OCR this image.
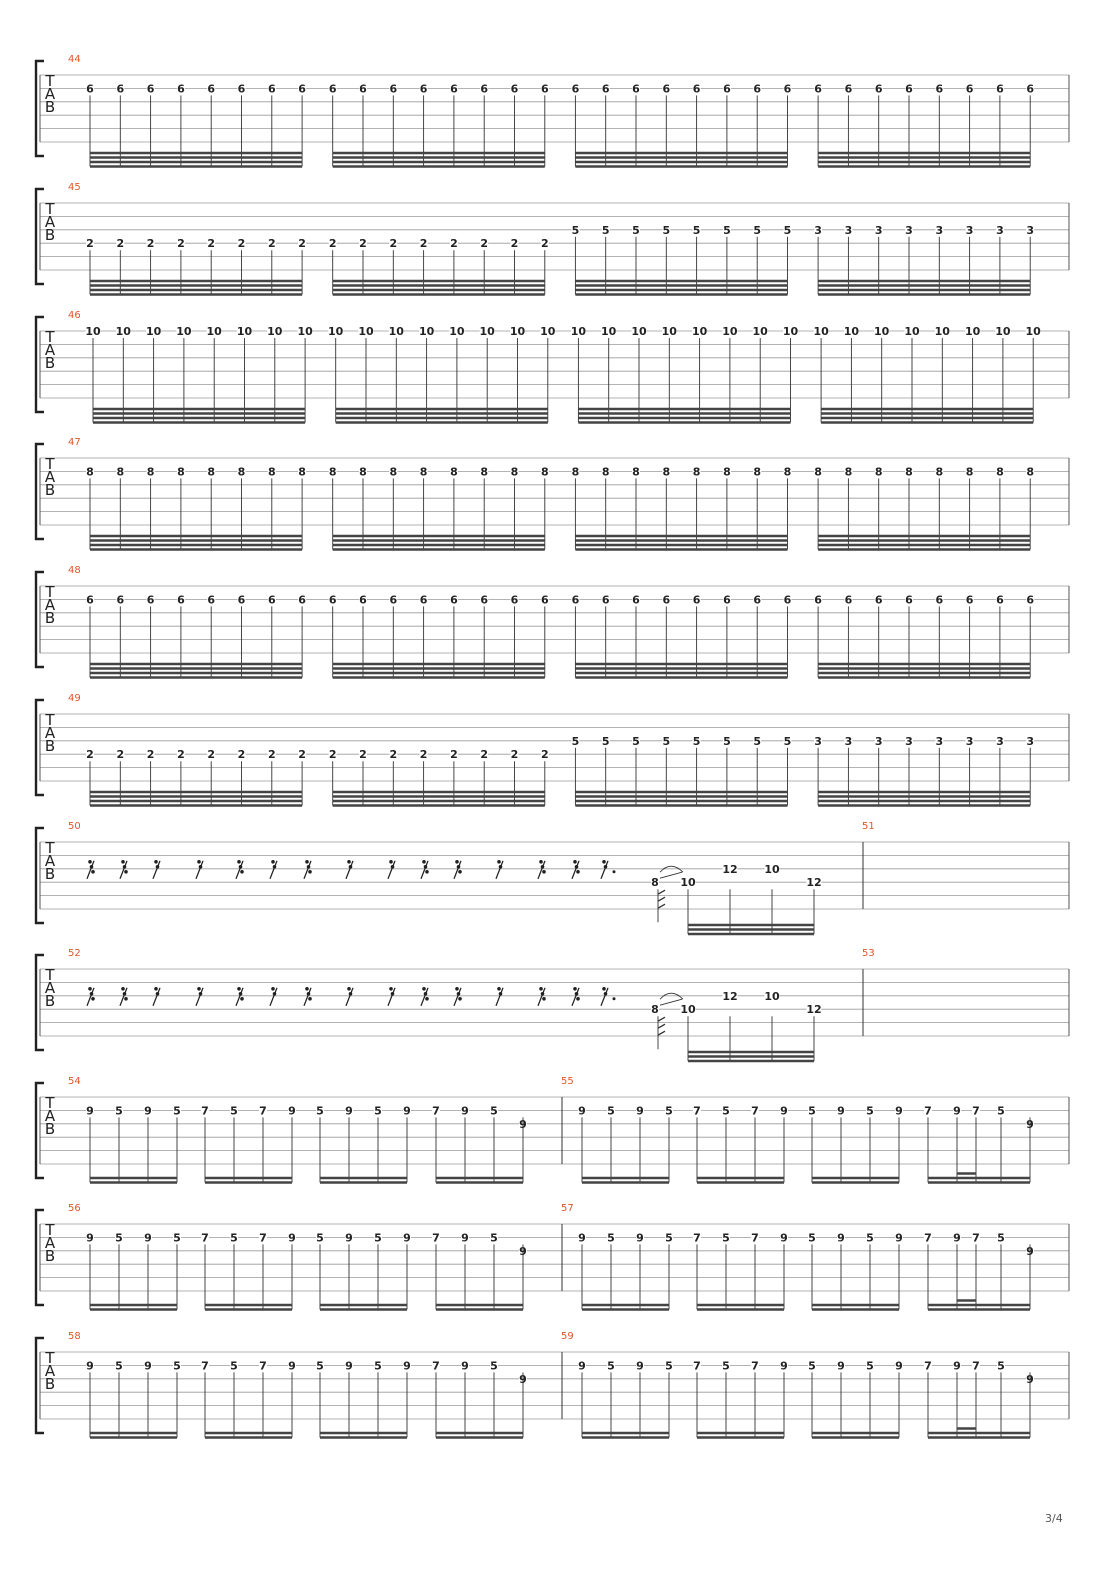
T
A
B
44
6 6 6 6 6 6 6 6 6 6 6 6 6 6 6 6 6 6 6 6 6 6 6 6 6 6 6 6 6 6 6 6
T
A
B
45
2 2 2 2 2 2 2 2 2 2 2 2 2 2 2 2
5 5 5 5 5 5 5 5 3 3 3 3 3 3 3 3
T
A
B
46
10 10 10 10 10 10 10 10 10 10 10 10 10 10 10 10 10 10 10 10 10 10 10 10 10 10 10 10 10 10 10 10
T
A
B
47
8 8 8 8 8 8 8 8 8 8 8 8 8 8 8 8 8 8 8 8 8 8 8 8 8 8 8 8 8 8 8 8
T
A
B
48
6 6 6 6 6 6 6 6 6 6 6 6 6 6 6 6 6 6 6 6 6 6 6 6 6 6 6 6 6 6 6 6
T
A
B
49
2 2 2 2 2 2 2 2 2 2 2 2 2 2 2 2
5 5 5 5 5 5 5 5 3 3 3 3 3 3 3 3
T
A
B
50
8 10
12 10
12
51
T
A
B
52
8 10
12 10
12
53
T
A
B
54
9 5 9 5 7 5 7 9 5 9 5 9 7 9 5
9
55
9 5 9 5 7 5 7 9 5 9 5 9 7 9 7 5
9
T
A
B
56
9 5 9 5 7 5 7 9 5 9 5 9 7 9 5
9
57
9 5 9 5 7 5 7 9 5 9 5 9 7 9 7 5
9
T
A
B
58
9 5 9 5 7 5 7 9 5 9 5 9 7 9 5
9
59
9 5 9 5 7 5 7 9 5 9 5 9 7 9 7 5
9
3/4
